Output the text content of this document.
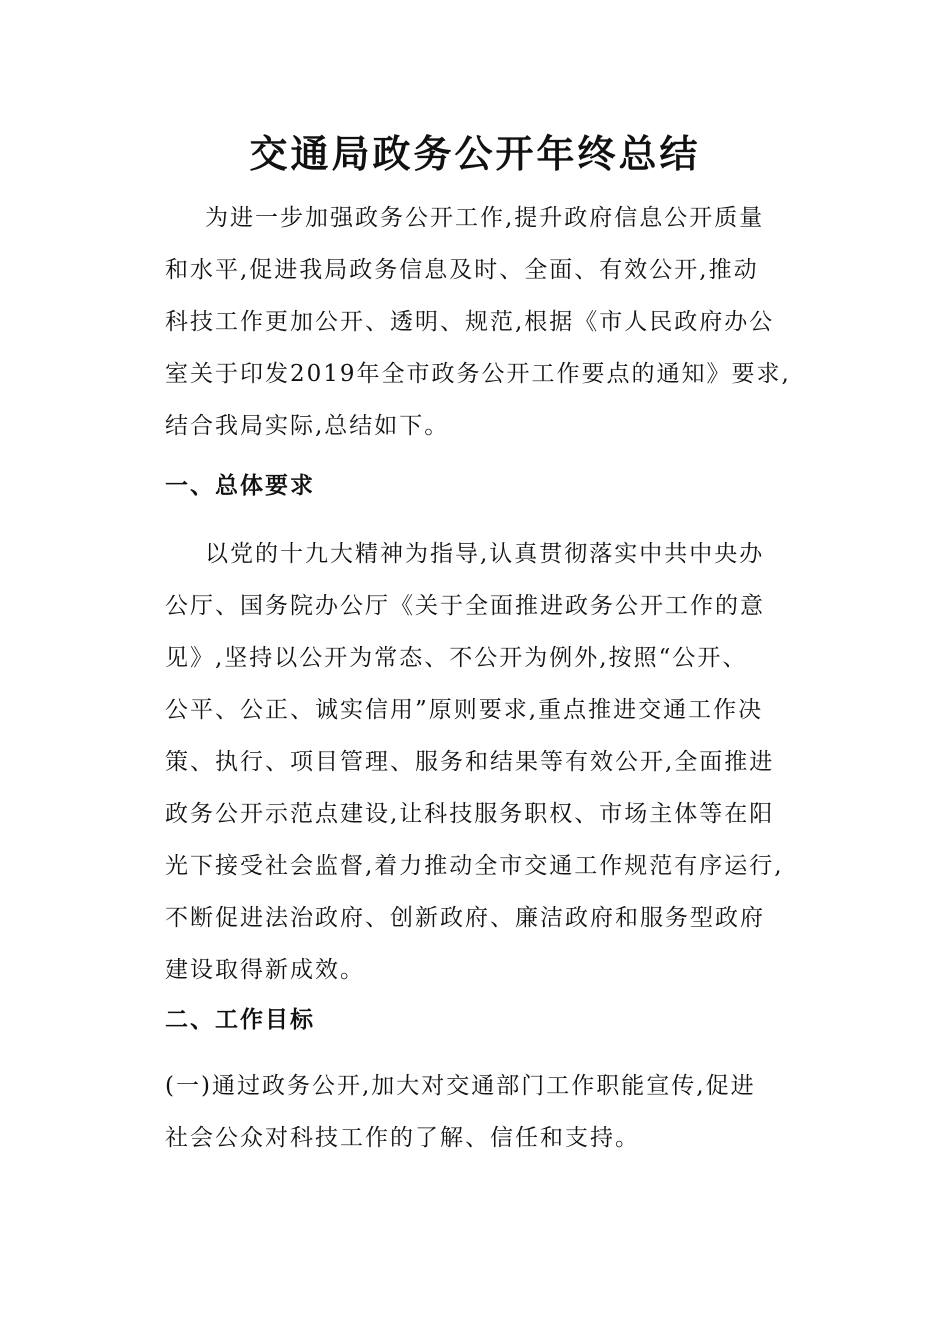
交通局政务公开年终总结
为进一步加强政务公开工作,提升政府信息公开质量
和水平,促进我局政务信息及时、全面、有效公开,推动
科技工作更加公开、透明、规范,根据《市人民政府办公
室关于印发2019年全市政务公开工作要点的通知》要求,
结合我局实际,总结如下。
一、总体要求
以党的十九大精神为指导,认真贯彻落实中共中央办
公厅、国务院办公厅《关于全面推进政务公开工作的意
见》,坚持以公开为常态、不公开为例外,按照“公开、
公平、公正、诚实信用”原则要求,重点推进交通工作决
策、执行、项目管理、服务和结果等有效公开,全面推进
政务公开示范点建设,让科技服务职权、市场主体等在阳
光下接受社会监督,着力推动全市交通工作规范有序运行,
不断促进法治政府、创新政府、廉洁政府和服务型政府
建设取得新成效。
二、工作目标
(一)通过政务公开,加大对交通部门工作职能宣传,促进
社会公众对科技工作的了解、信任和支持。
